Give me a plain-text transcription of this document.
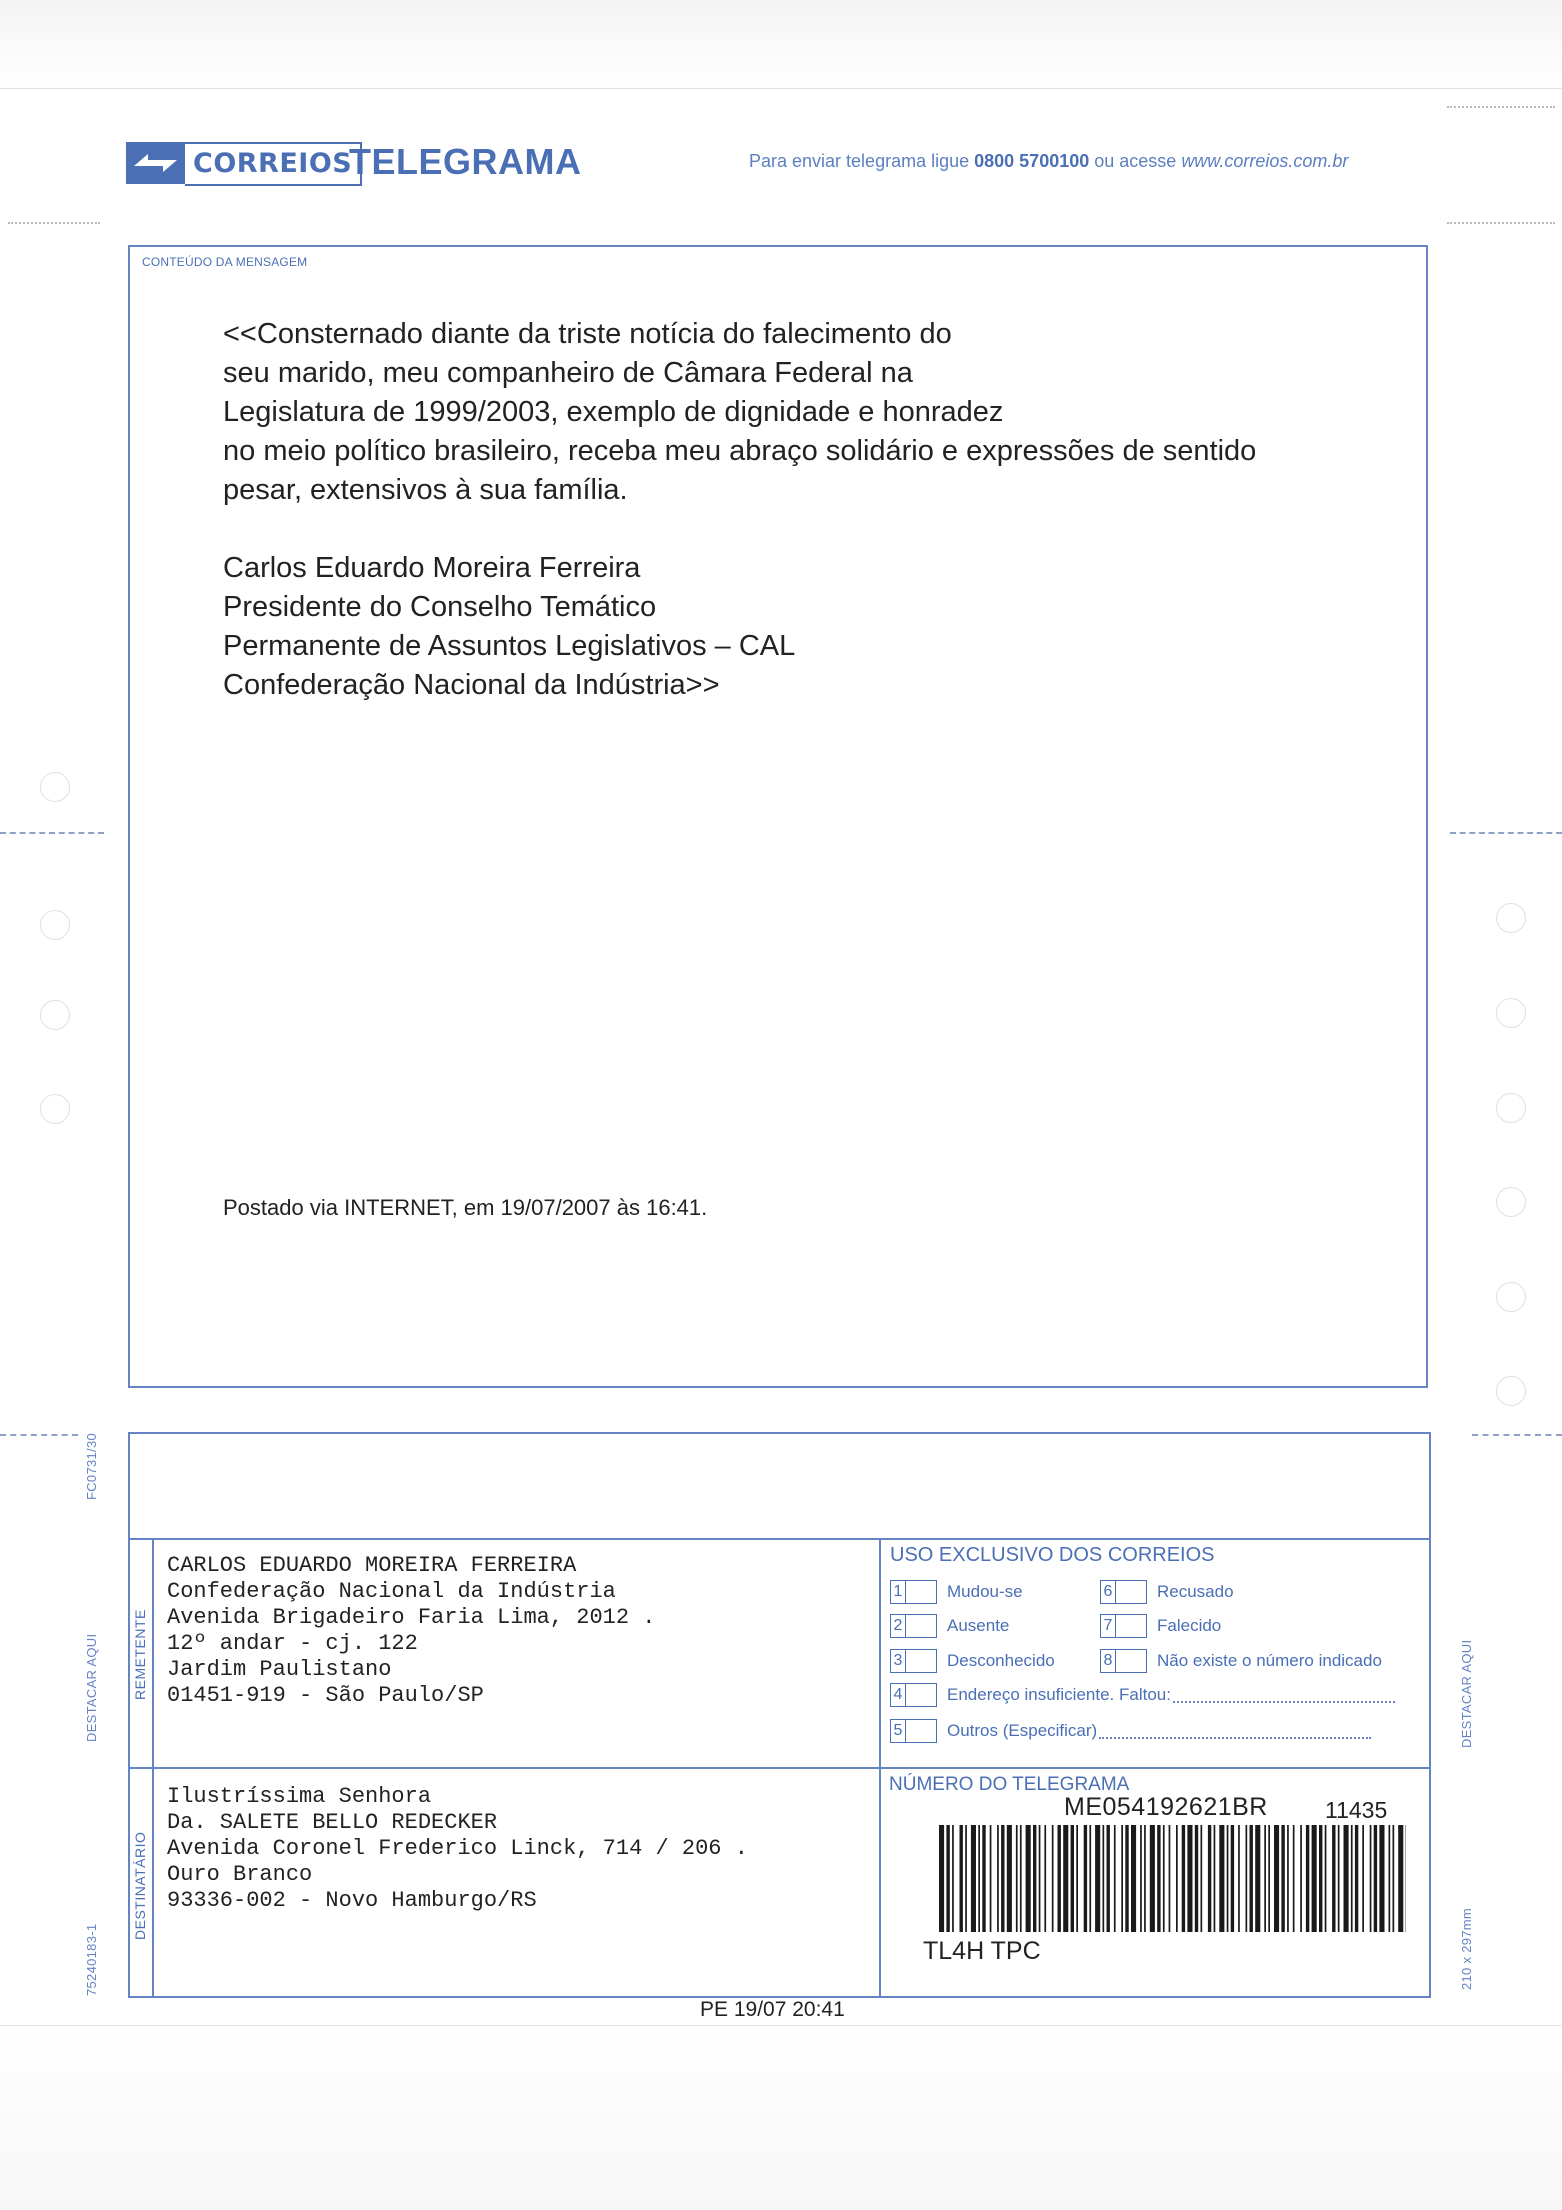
CORREIOS
TELEGRAMA	Para enviar telegrama ligue 0800 5700100 ou acesse www.correios.com.br
CONTEÚDO DA MENSAGEM
<<Consternado diante da triste notícia do falecimento do
seu marido, meu companheiro de Câmara Federal na
Legislatura de 1999/2003, exemplo de dignidade e honradez
no meio político brasileiro, receba meu abraço solidário e expressões de sentido
pesar, extensivos à sua família.
Carlos Eduardo Moreira Ferreira
Presidente do Conselho Temático
Permanente de Assuntos Legislativos – CAL
Confederação Nacional da Indústria>>
Postado via INTERNET, em 19/07/2007 às 16:41.
REMETENTE
DESTINATÁRIO
CARLOS EDUARDO MOREIRA FERREIRA
Confederação Nacional da Indústria
Avenida Brigadeiro Faria Lima, 2012 .
12º andar - cj. 122
Jardim Paulistano
01451-919 - São Paulo/SP
Ilustríssima Senhora
Da. SALETE BELLO REDECKER
Avenida Coronel Frederico Linck, 714 / 206 .
Ouro Branco
93336-002 - Novo Hamburgo/RS
USO EXCLUSIVO DOS CORREIOS
1	Mudou-se	6	Recusado
2	Ausente	7	Falecido
3	Desconhecido	8	Não existe o número indicado
4	Endereço insuficiente. Faltou:
5	Outros (Especificar)
NÚMERO DO TELEGRAMA
ME054192621BR 11435
TL4H TPC
PE 19/07 20:41
FC0731/30
DESTACAR AQUI	DESTACAR AQUI
75240183-1	210 x 297mm
